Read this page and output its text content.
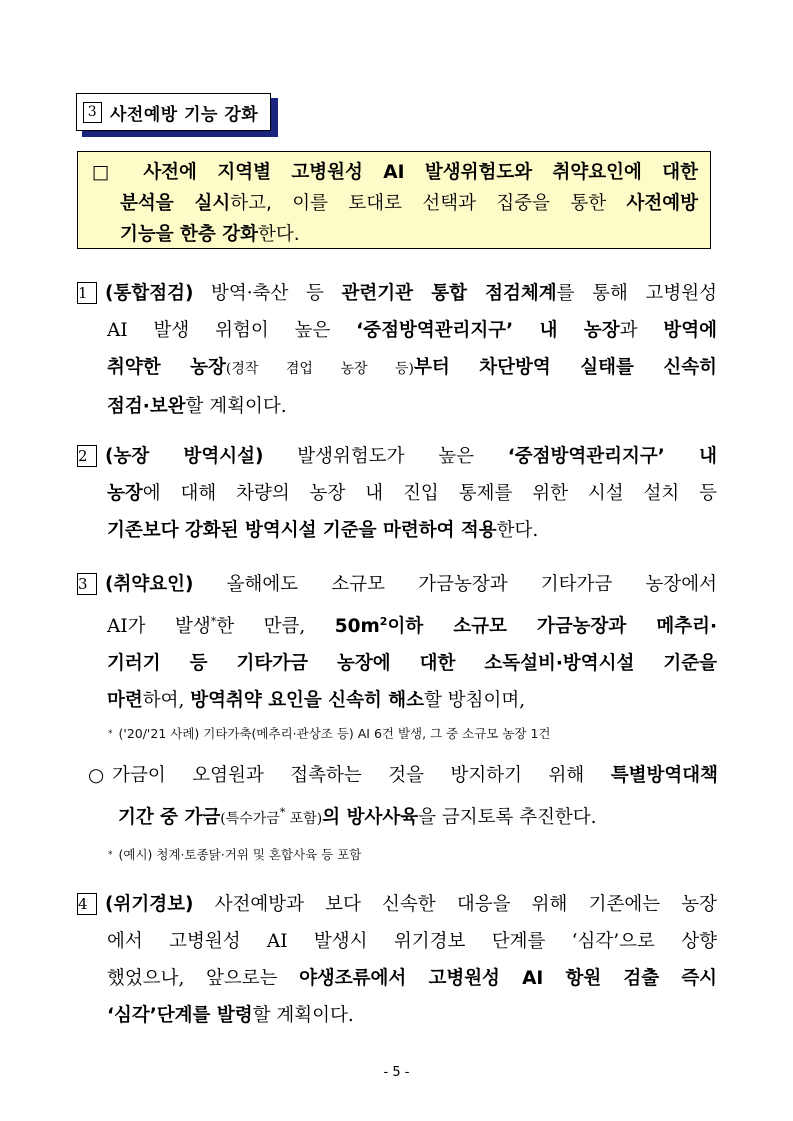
3 사전예방 기능 강화
□ 사전에 지역별 고병원성 AI 발생위험도와 취약요인에 대한
분석을 실시하고, 이를 토대로 선택과 집중을 통한 사전예방
기능을 한층 강화한다.
1 (통합점검) 방역·축산 등 관련기관 통합 점검체계를 통해 고병원성
AI 발생 위험이 높은 ‘중점방역관리지구’ 내 농장과 방역에
취약한 농장(경작 겸업 농장 등)부터 차단방역 실태를 신속히
점검·보완할 계획이다.
2 (농장 방역시설) 발생위험도가 높은 ‘중점방역관리지구’ 내
농장에 대해 차량의 농장 내 진입 통제를 위한 시설 설치 등
기존보다 강화된 방역시설 기준을 마련하여 적용한다.
3 (취약요인) 올해에도 소규모 가금농장과 기타가금 농장에서
AI가 발생*한 만큼, $50m^2$이하 소규모 가금농장과 메추리·
기러기 등 기타가금 농장에 대한 소독설비·방역시설 기준을
마련하여, 방역취약 요인을 신속히 해소할 방침이며,
* ('20/'21 사례) 기타가축(메추리·관상조 등) AI 6건 발생, 그 중 소규모 농장 1건
○ 가금이 오염원과 접촉하는 것을 방지하기 위해 특별방역대책
기간 중 가금(특수가금* 포함)의 방사사육을 금지토록 추진한다.
* (예시) 청계·토종닭·거위 및 혼합사육 등 포함
4 (위기경보) 사전예방과 보다 신속한 대응을 위해 기존에는 농장
에서 고병원성 AI 발생시 위기경보 단계를 ‘심각’으로 상향
했었으나, 앞으로는 야생조류에서 고병원성 AI 항원 검출 즉시
‘심각’단계를 발령할 계획이다.
- 5 -
